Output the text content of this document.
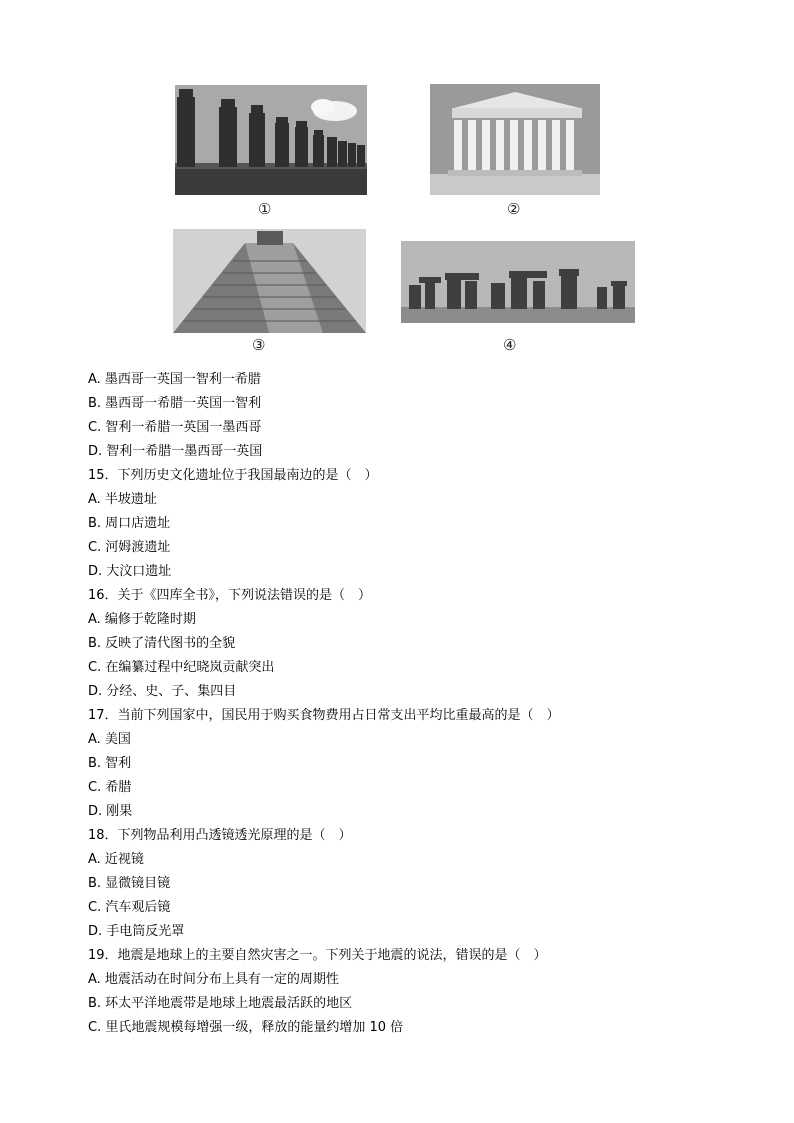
①	②
③	④
A. 墨西哥一英国一智利一希腊
B. 墨西哥一希腊一英国一智利
C. 智利一希腊一英国一墨西哥
D. 智利一希腊一墨西哥一英国
15．下列历史文化遗址位于我国最南边的是（　）
A. 半坡遗址
B. 周口店遗址
C. 河姆渡遗址
D. 大汶口遗址
16．关于《四库全书》，下列说法错误的是（　）
A. 编修于乾隆时期
B. 反映了清代图书的全貌
C. 在编纂过程中纪晓岚贡献突出
D. 分经、史、子、集四目
17．当前下列国家中，国民用于购买食物费用占日常支出平均比重最高的是（　）
A. 美国
B. 智利
C. 希腊
D. 刚果
18．下列物品利用凸透镜透光原理的是（　）
A. 近视镜
B. 显微镜目镜
C. 汽车观后镜
D. 手电筒反光罩
19．地震是地球上的主要自然灾害之一。下列关于地震的说法，错误的是（　）
A. 地震活动在时间分布上具有一定的周期性
B. 环太平洋地震带是地球上地震最活跃的地区
C. 里氏地震规模每增强一级，释放的能量约增加 10 倍
